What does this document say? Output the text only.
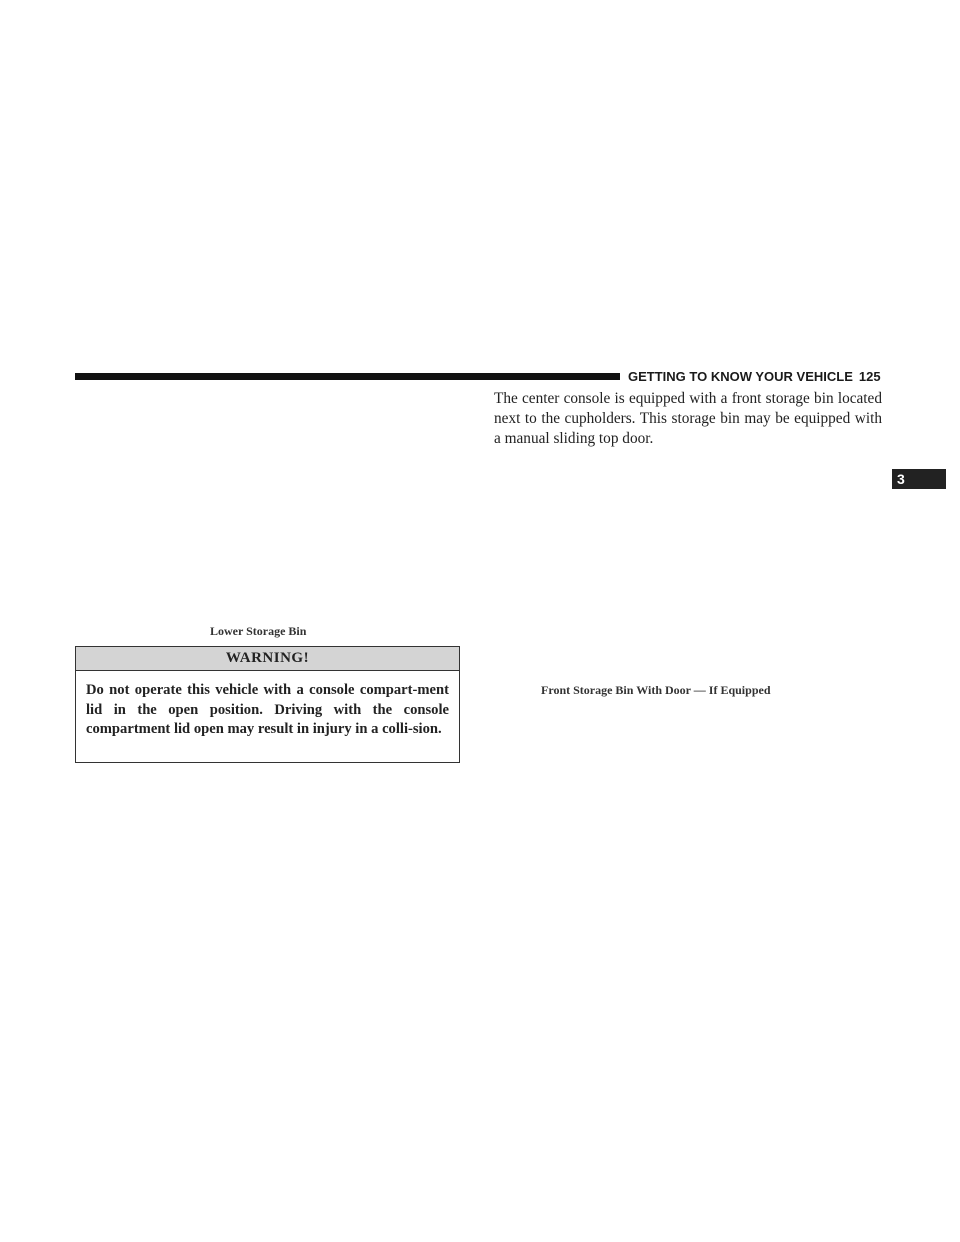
GETTING TO KNOW YOUR VEHICLE 125
3

The center console is equipped with a front storage bin located next to the cupholders. This storage bin may be equipped with a manual sliding top door.

Lower Storage Bin
WARNING!

Do not operate this vehicle with a console compart-ment lid in the open position. Driving with the console compartment lid open may result in injury in a colli-sion.

Front Storage Bin With Door — If Equipped
